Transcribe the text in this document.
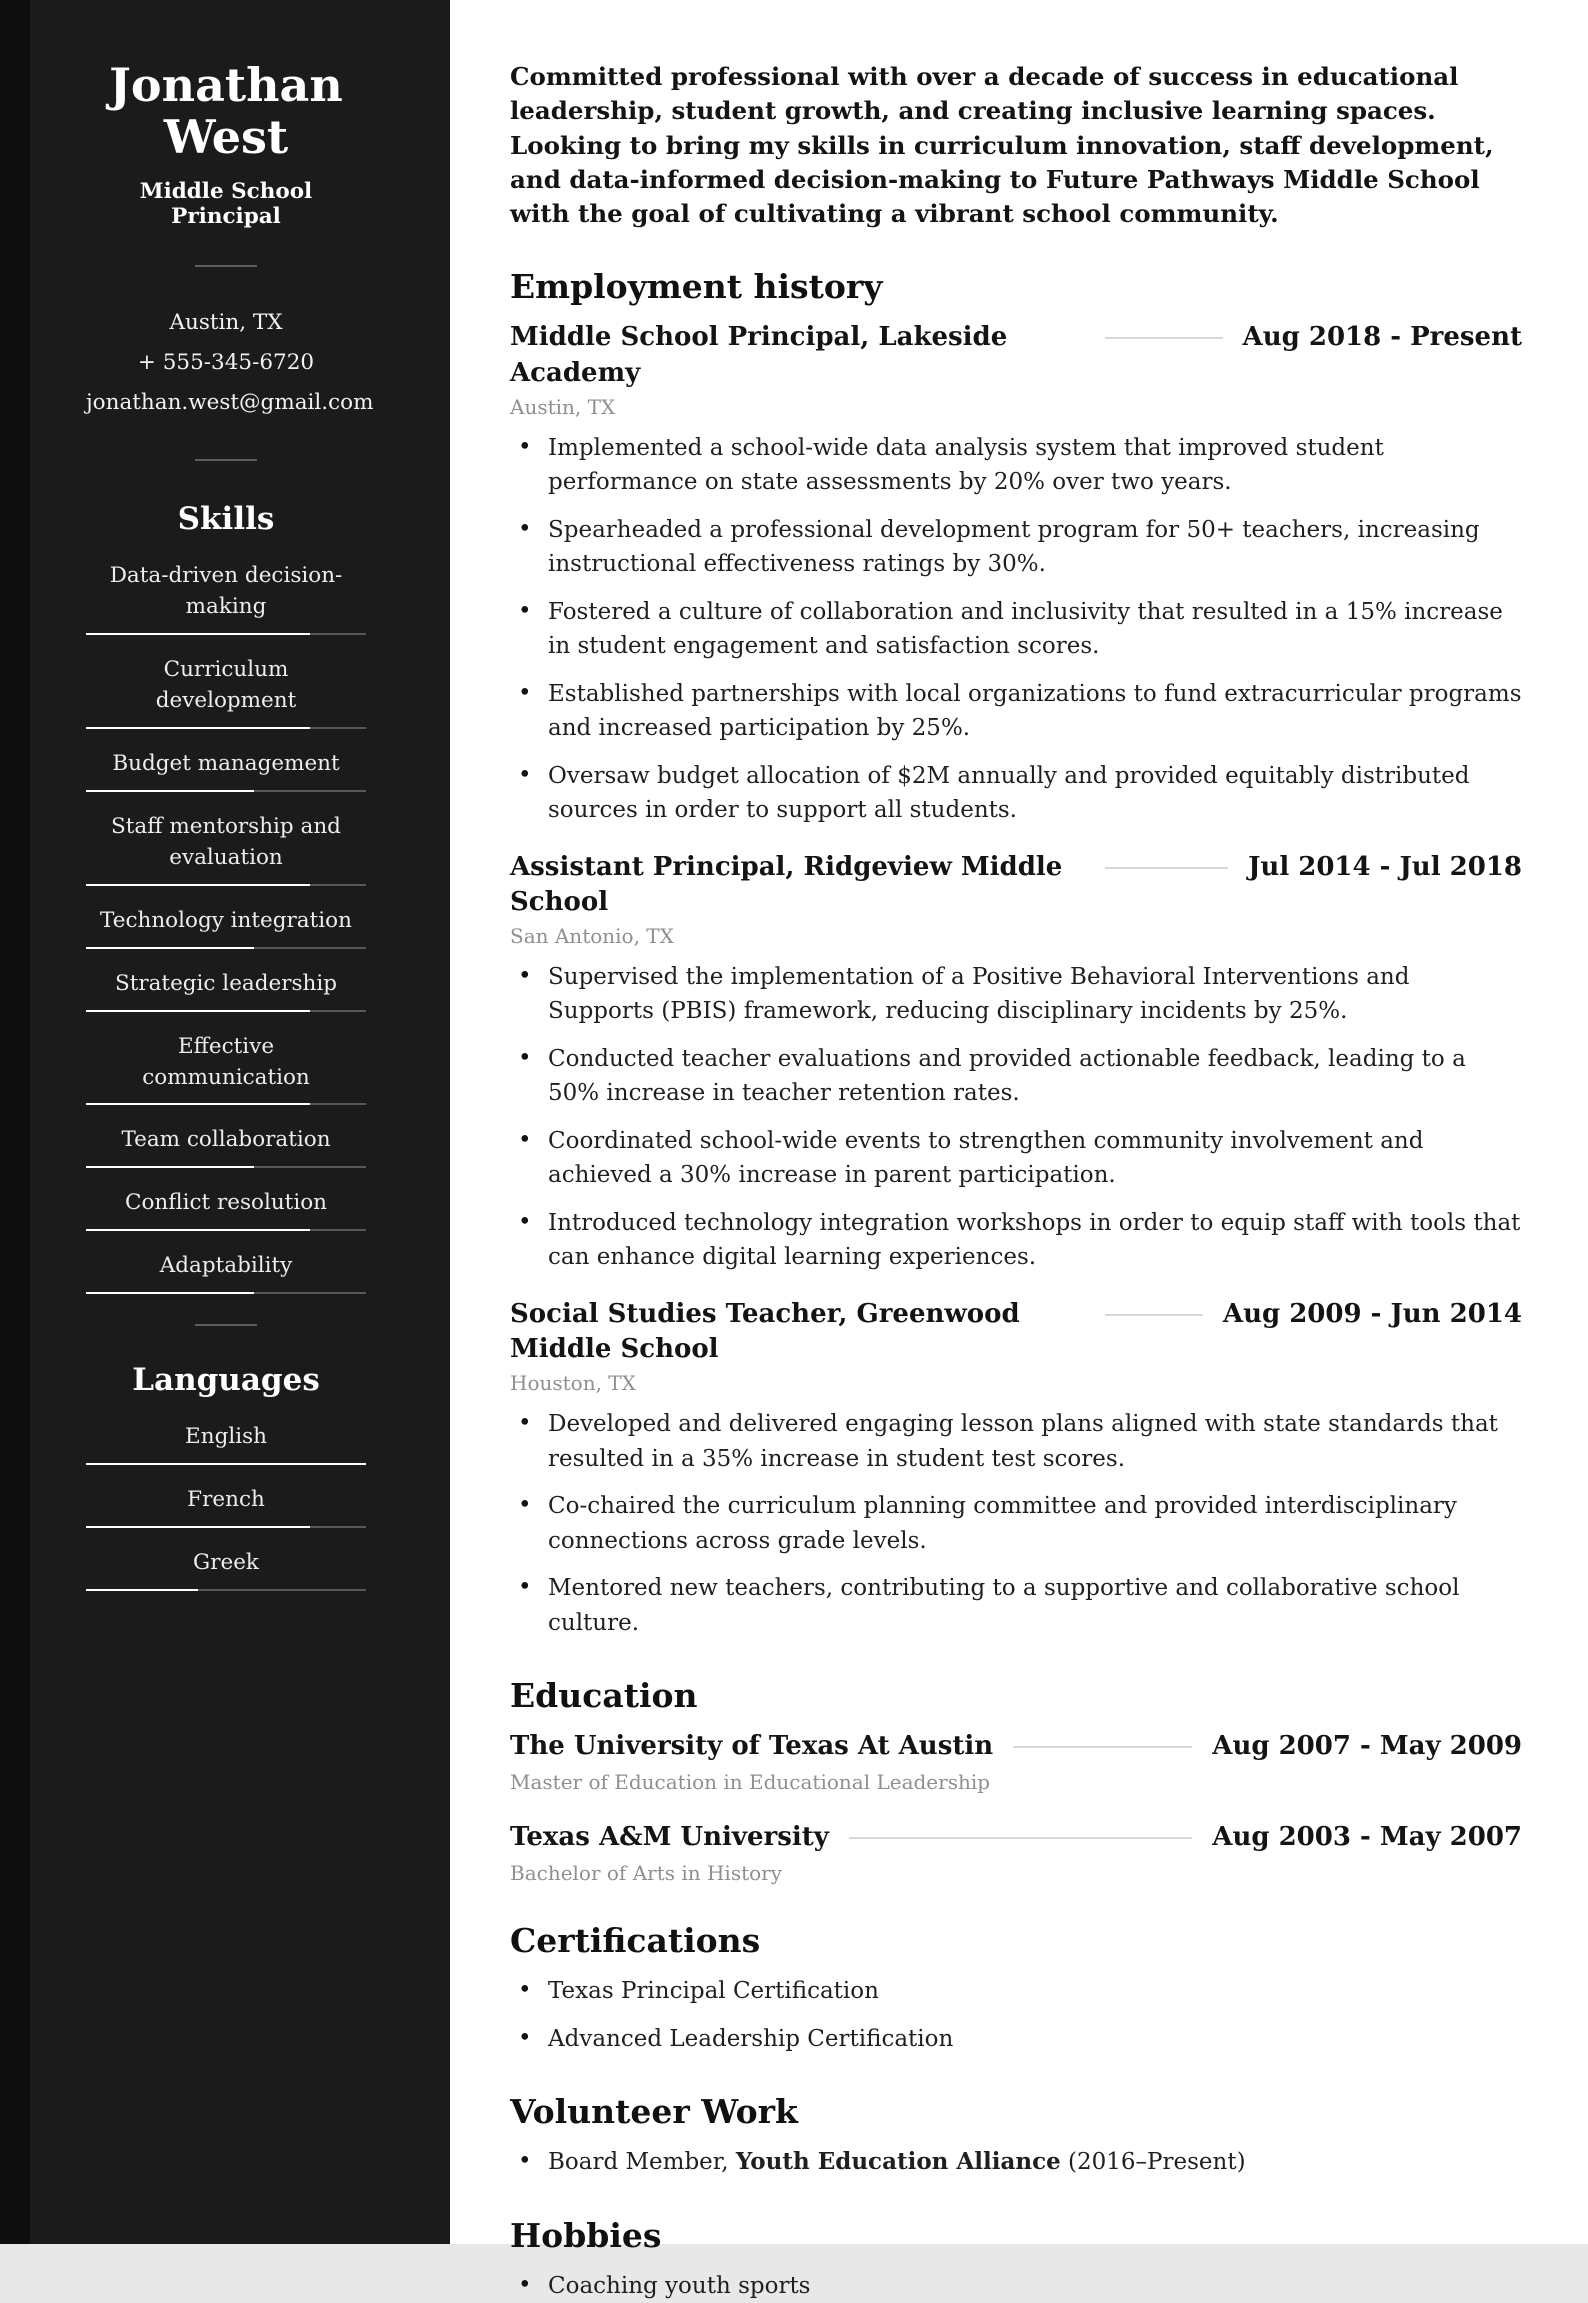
Jonathan
West
Middle School Principal

Austin, TX

+ 555-345-6720

jonathan.west@gmail.com

Skills
Data-driven decision-making
Curriculum development
Budget management
Staff mentorship and evaluation
Technology integration
Strategic leadership
Effective communication
Team collaboration
Conflict resolution
Adaptability
Languages
English
French
Greek

Committed professional with over a decade of success in educational leadership, student growth, and creating inclusive learning spaces. Looking to bring my skills in curriculum innovation, staff development, and data-informed decision-making to Future Pathways Middle School with the goal of cultivating a vibrant school community.

Employment history
Middle School Principal, Lakeside Academy
Aug 2018 - Present
Austin, TX
• Implemented a school-wide data analysis system that improved student performance on state assessments by 20% over two years.
• Spearheaded a professional development program for 50+ teachers, increasing instructional effectiveness ratings by 30%.
• Fostered a culture of collaboration and inclusivity that resulted in a 15% increase in student engagement and satisfaction scores.
• Established partnerships with local organizations to fund extracurricular programs and increased participation by 25%.
• Oversaw budget allocation of $2M annually and provided equitably distributed sources in order to support all students.
Assistant Principal, Ridgeview Middle School
Jul 2014 - Jul 2018
San Antonio, TX
• Supervised the implementation of a Positive Behavioral Interventions and Supports (PBIS) framework, reducing disciplinary incidents by 25%.
• Conducted teacher evaluations and provided actionable feedback, leading to a 50% increase in teacher retention rates.
• Coordinated school-wide events to strengthen community involvement and achieved a 30% increase in parent participation.
• Introduced technology integration workshops in order to equip staff with tools that can enhance digital learning experiences.
Social Studies Teacher, Greenwood Middle School
Aug 2009 - Jun 2014
Houston, TX
• Developed and delivered engaging lesson plans aligned with state standards that resulted in a 35% increase in student test scores.
• Co-chaired the curriculum planning committee and provided interdisciplinary connections across grade levels.
• Mentored new teachers, contributing to a supportive and collaborative school culture.
Education
The University of Texas At Austin	Aug 2007 - May 2009
Master of Education in Educational Leadership
Texas A&M University	Aug 2003 - May 2007
Bachelor of Arts in History
Certifications
• Texas Principal Certification
• Advanced Leadership Certification
Volunteer Work
• Board Member, Youth Education Alliance (2016–Present)
Hobbies
• Coaching youth sports
